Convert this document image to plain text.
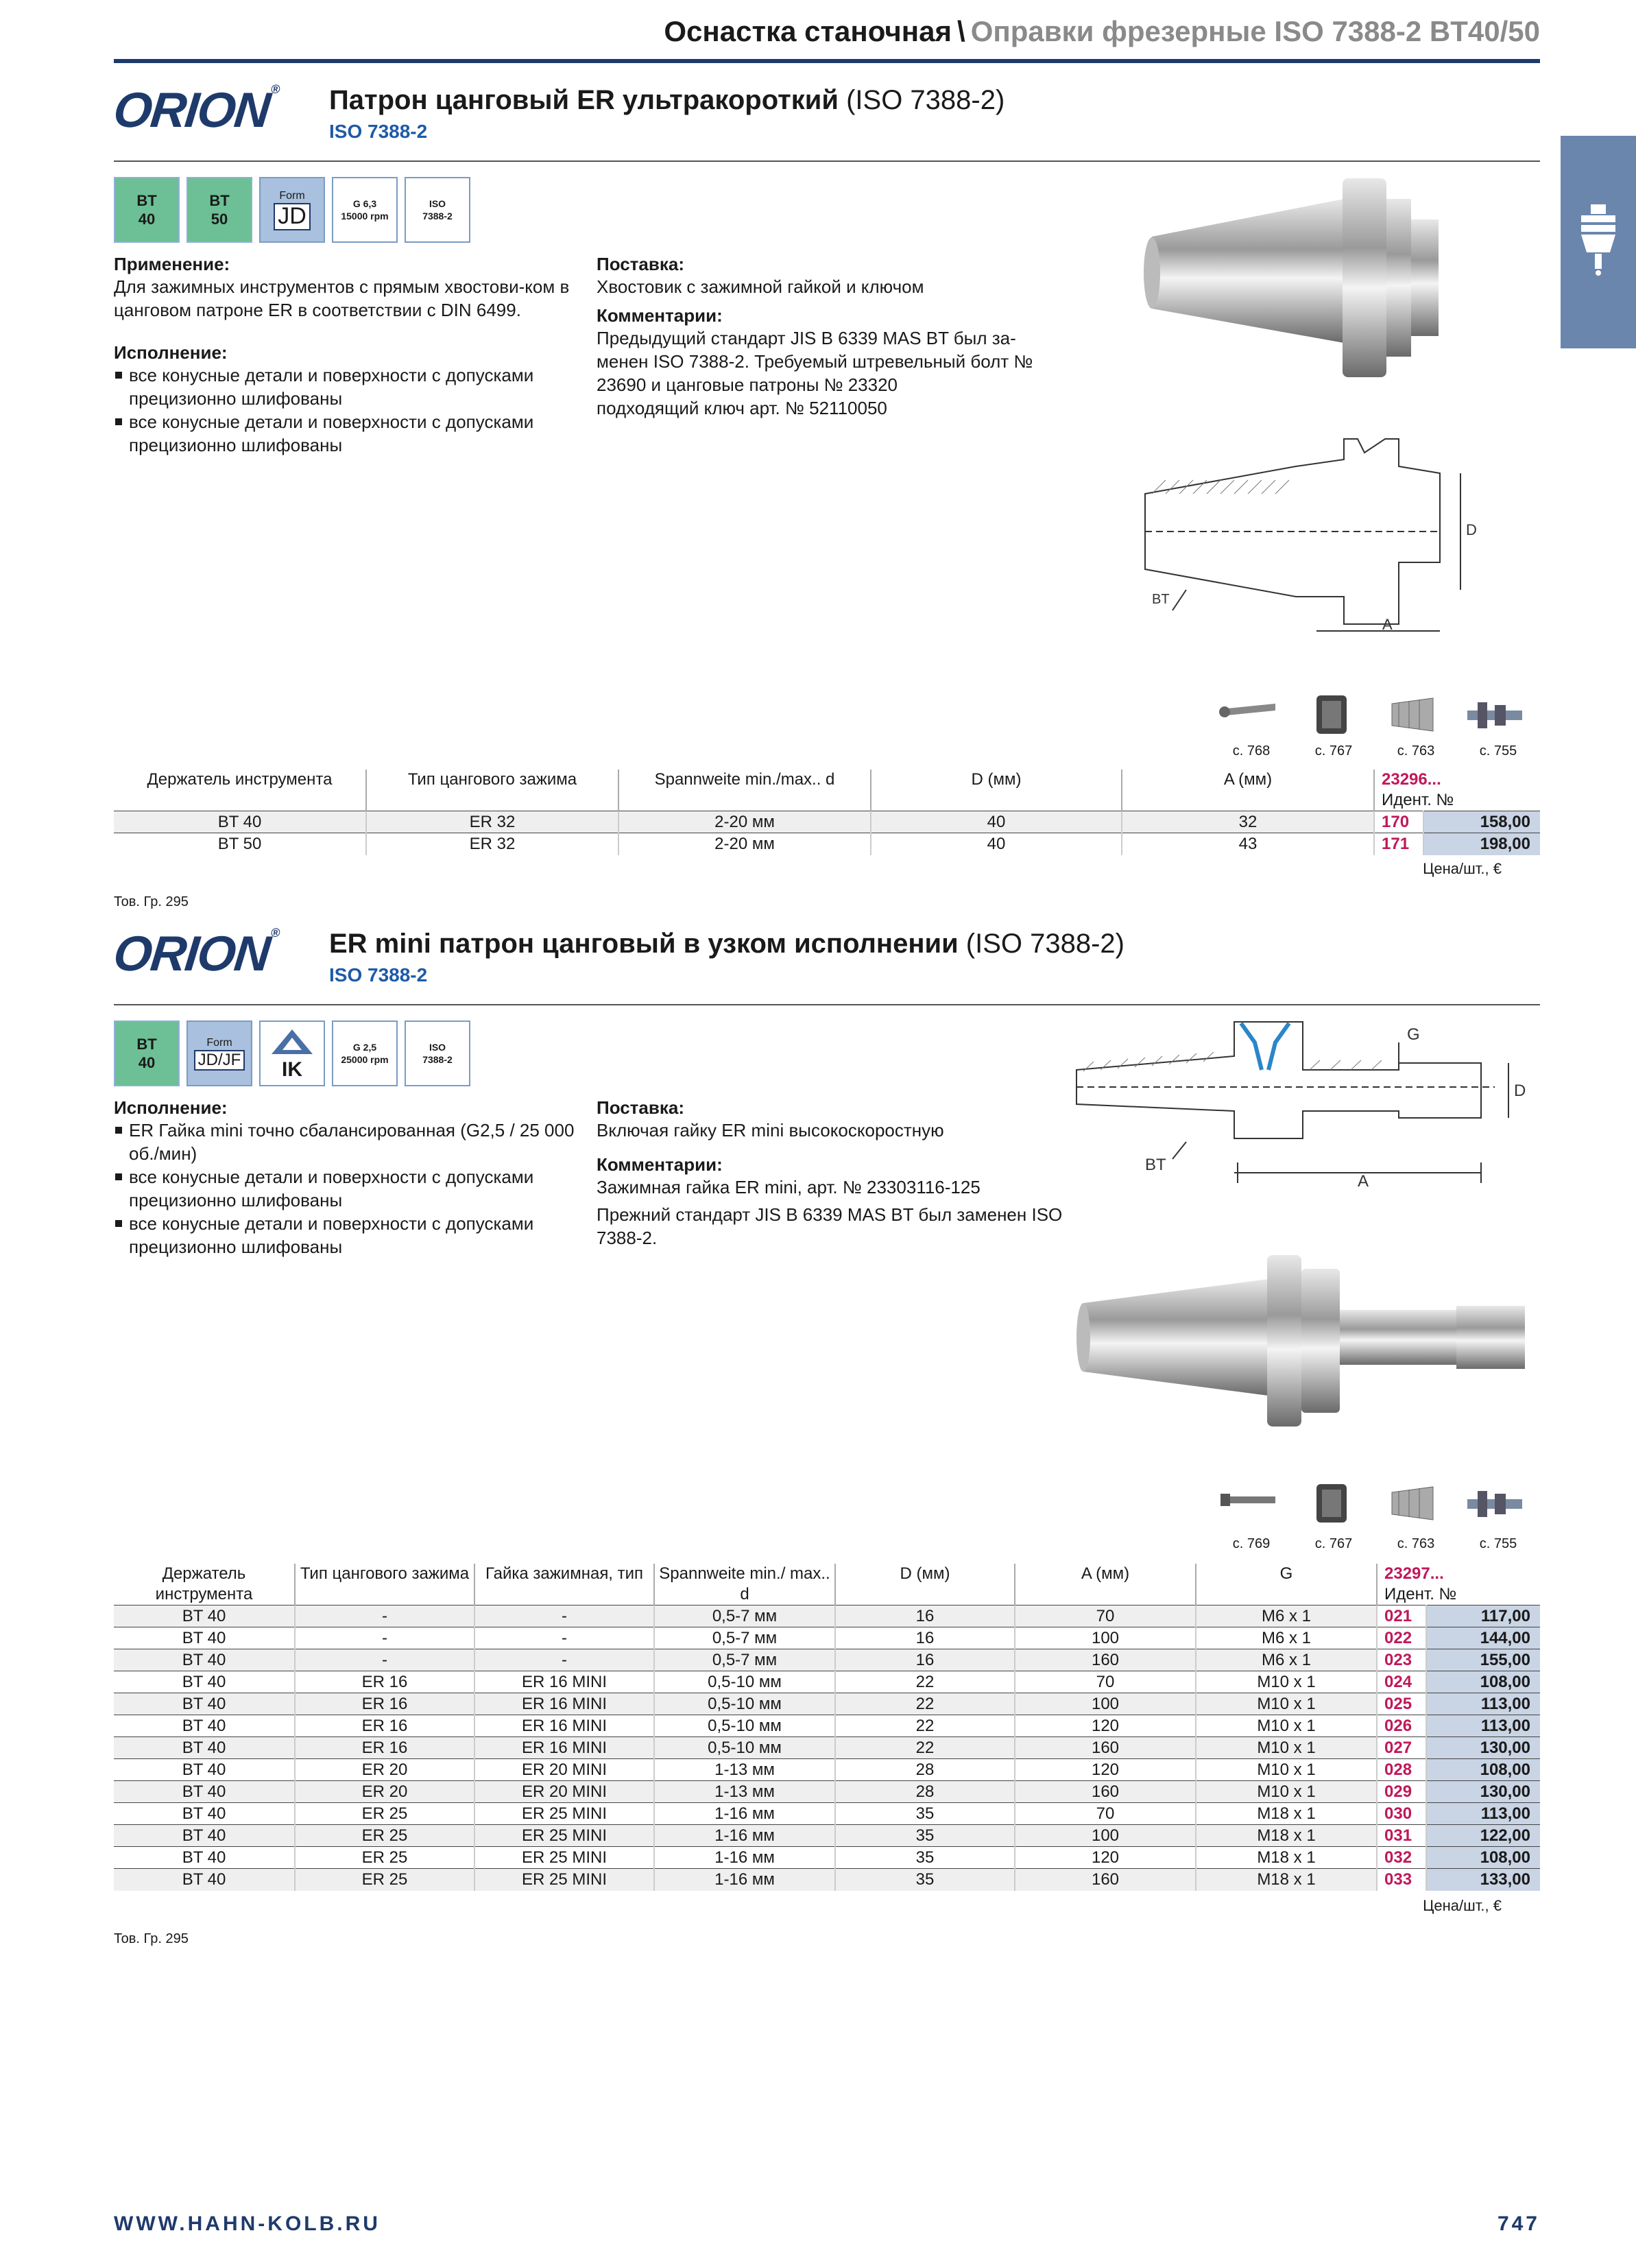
Оснастка станочная \ Оправки фрезерные ISO 7388-2 BT40/50
ORION® Патрон цанговый ER ультракороткий (ISO 7388-2)
ISO 7388-2
BT
40
BT
50
Form
JD	G 6,3
15000 rpm
ISO
7388-2
Применение:
Для зажимных инструментов с прямым хвостови-ком в цанговом патроне ER в соответствии с DIN 6499.
Исполнение:
все конусные детали и поверхности с допусками прецизионно шлифованы
все конусные детали и поверхности с допусками прецизионно шлифованы
Поставка:
Хвостовик с зажимной гайкой и ключом
Комментарии:
Предыдущий стандарт JIS B 6339 MAS BT был за-менен ISO 7388-2. Требуемый штревельный болт № 23690 и цанговые патроны № 23320
подходящий ключ арт. № 52110050
D
A
BT
с. 768	с. 767	с. 763	с. 755
Держатель инструмента	Тип цангового зажима	Spannweite min./max.. d	D (мм)	A (мм)	23296...
Идент. №	

BT 40	ER 32	2-20 мм	40	32	170	158,00
BT 50	ER 32	2-20 мм	40	43	171	198,00
Цена/шт., €
Тов. Гр. 295
ORION® ER mini патрон цанговый в узком исполнении (ISO 7388-2)
ISO 7388-2
BT
40
Form
JD/JF IK
G 2,5
25000 rpm
ISO
7388-2
Исполнение:
ER Гайка mini точно сбалансированная (G2,5 / 25 000 об./мин)
все конусные детали и поверхности с допусками прецизионно шлифованы
все конусные детали и поверхности с допусками прецизионно шлифованы
Поставка:
Включая гайку ER mini высокоскоростную
Комментарии:
Зажимная гайка ER mini, арт. № 23303116-125
Прежний стандарт JIS B 6339 MAS BT был заменен ISO 7388-2.
G
D
A
BT
с. 769	с. 767	с. 763	с. 755
Держатель инструмента	Тип цангового зажима	Гайка зажимная, тип	Spannweite min./ max.. d	D (мм)	A (мм)	G	23297...
Идент. №	

BT 40	-	-	0,5-7 мм	16	70	M6 x 1	021	117,00
BT 40	-	-	0,5-7 мм	16	100	M6 x 1	022	144,00
BT 40	-	-	0,5-7 мм	16	160	M6 x 1	023	155,00
BT 40	ER 16	ER 16 MINI	0,5-10 мм	22	70	M10 x 1	024	108,00
BT 40	ER 16	ER 16 MINI	0,5-10 мм	22	100	M10 x 1	025	113,00
BT 40	ER 16	ER 16 MINI	0,5-10 мм	22	120	M10 x 1	026	113,00
BT 40	ER 16	ER 16 MINI	0,5-10 мм	22	160	M10 x 1	027	130,00
BT 40	ER 20	ER 20 MINI	1-13 мм	28	120	M10 x 1	028	108,00
BT 40	ER 20	ER 20 MINI	1-13 мм	28	160	M10 x 1	029	130,00
BT 40	ER 25	ER 25 MINI	1-16 мм	35	70	M18 x 1	030	113,00
BT 40	ER 25	ER 25 MINI	1-16 мм	35	100	M18 x 1	031	122,00
BT 40	ER 25	ER 25 MINI	1-16 мм	35	120	M18 x 1	032	108,00
BT 40	ER 25	ER 25 MINI	1-16 мм	35	160	M18 x 1	033	133,00
Цена/шт., €
Тов. Гр. 295
WWW.HAHN-KOLB.RU	747
